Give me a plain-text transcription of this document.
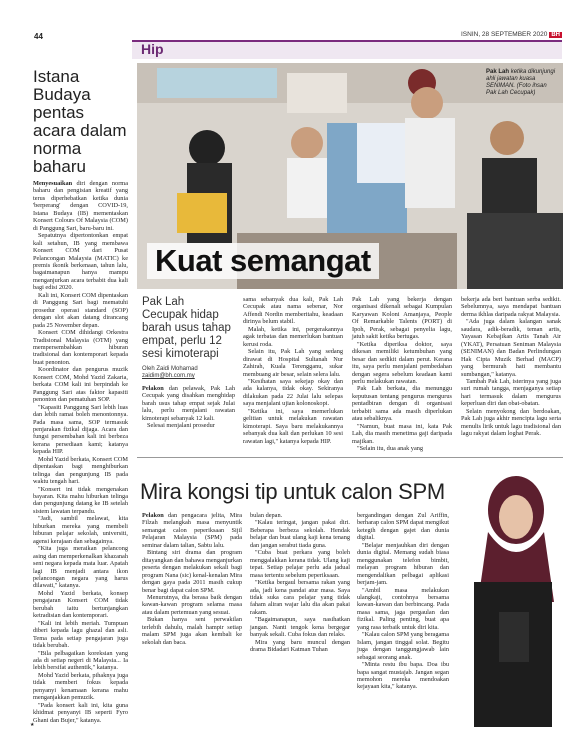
44	ISNIN, 28 SEPTEMBER 2020 BH
Hip
Istana Budaya pentas acara dalam norma baharu

Menyesuaikan diri dengan norma baharu dan pengisian kreatif yang terus diperhebatkan ketika dunia 'berperang' dengan COVID-19, Istana Budaya (IB) mementaskan Konsert Colours Of Malaysia (COM) di Panggung Sari, baru-baru ini.

Sepatutnya dipertontonkan empat kali setahun, IB yang membawa Konsert COM dari Pusat Pelancongan Malaysia (MATIC) ke premis ikonik berkenaan, tahun lalu, bagaimanapun hanya mampu menganjurkan acara terbabit dua kali bagi edisi 2020.

Kali ini, Konsert COM dipentaskan di Panggung Sari bagi mematuhi prosedur operasi standard (SOP) dengan slot akan datang dirancang pada 25 November depan.

Konsert COM dihidangi Orkestra Tradisional Malaysia (OTM) yang mempersembahkan hiburan tradisional dan kontemporari kepada buat penonton.

Koordinator dan pengurus muzik Konsert COM, Mohd Yazid Zakaria, berkata COM kali ini berpindah ke Panggung Sari atas faktor kapasiti penonton dan pematuhan SOP.

"Kapasiti Panggung Sari lebih luas dan lebih ramai boleh menontonnya. Pada masa sama, SOP termasuk penjarakan fizikal dijaga. Acara dan fungsi persembahan kali ini berbeza kerana persediaan kami; katanya kepada HIP.

Mohd Yazid berkata, Konsert COM dipentaskan bagi menghiburkan telinga dan pengunjung IB pada waktu tengah hari.

"Konsert ini tidak mengenakan bayaran. Kita mahu hiburkan telinga dan pengunjung datang ke IB setelah sistem lawatan terpandu.

"Jadi, sambil melawat, kita hiburkan mereka yang membeli hiburan pelajar sekolah, universiti, agensi kerajaan dan sebagainya.

"Kita juga meraikan pelancong asing dan memperkenalkan khazanah seni negara kepada mata luar. Apatah lagi IB menjadi antara ikon pelancongan negara yang harus dilawati," katanya.

Mohd Yazid berkata, konsep pengajaran Konsert COM tidak berubah iaitu bertunjangkan ketradisian dan kontemporari.

"Kali ini lebih meriah. Tumpuan diberi kepada lagu ghazal dan asli. Tema pada setiap pengajaran juga tidak berubah.

"Bila pelbagaikan koreksian yang ada di setiap negeri di Malaysia... Ia lebih bersifat authentik," katanya.

Mohd Yazid berkata, pihaknya juga tidak memberi fokus kepada penyanyi kenamaan kerana mahu menganjakkan pemuzik.

"Pada konsert kali ini, kita guna khidmat penyanyi IB seperti Fyro Ghani dan Bujer," katanya.

Pak Lah ketika dikunjungi ahli jawatan kuasa SENIMAN. (Foto ihsan Pak Lah Cecupak)
Kuat semangat
Pak Lah Cecupak hidap barah usus tahap empat, perlu 12 sesi kimoterapi
Oleh Zaidi Mohamad
zaidim@bh.com.my

Pelakon dan pelawak, Pak Lah Cecupak yang disahkan menghidap barah usus tahap empat sejak Julai lalu, perlu menjalani rawatan kimoterapi sebanyak 12 kali.

Selesai menjalani prosedur

sama sebanyak dua kali, Pak Lah Cecupak atau nama sebenar, Nor Affendi Nordin memberitahu, keadaan dirinya belum stabil.

Malah, ketika ini, pergerakannya agak terbatas dan memerlukan bantuan kerusi roda.

Selain itu, Pak Lah yang sedang dirawat di Hospital Sultanah Nur Zahirah, Kuala Terengganu, sukar membuang air besar, selain selera lalu.

"Kesihatan saya sekejap okay dan ada kalanya, tidak okay. Sekiranya dilakukan pada 22 Julai lalu selepas saya menjalani ujian kolonoskopi.

"Ketika ini, saya memerlukan gelitian untuk melakukan rawatan kimoterapi. Saya baru melakukannya sebanyak dua kali dan perlukan 10 sesi rawatan lagi," katanya kepada HIP.

Pak Lah yang bekerja dengan organisasi dikenali sebagai Kumpulan Karyawan Koloni Amanjaya, People Of Remarkable Talents (PORT) di Ipoh, Perak, sebagai penyelia lagu, jatuh sakit ketika bertugas.

"Ketika diperiksa doktor, saya dikesan memiliki ketumbuhan yang besar dan sedikit dalam perut. Kerana itu, saya perlu menjalani pembedahan dengan segera sebelum keadaan kami perlu melakukan rawatan.

Pak Lah berkata, dia menunggu keputusan tentang pengurus mengurus pentadbiran dengan di organisasi terbabit sama ada masih diperlukan atau sebaliknya.

"Namun, buat masa ini, kata Pak Lah, dia masih menetima gaji daripada majikan.

"Selain itu, dua anak yang

bekerja ada beri bantuan serba sedikit. Sebelumnya, saya mendapat bantuan derma ikhlas daripada rakyat Malaysia.

"Ada juga dalam kalangan sanak saudara, adik-beradik, teman artis, Yayasan Kebajikan Artis Tanah Air (YKAT), Persatuan Seniman Malaysia (SENIMAN) dan Badan Perlindungan Hak Cipta Muzik Berhad (MACP) yang bermurah hati membantu sumbangan," katanya.

Tambah Pak Lah, isterinya yang juga suri rumah tangga, menjaganya setiap hari termasuk dalam mengurus keperluan diri dan obat-obatan.

Selain menyokong dan berdoakan, Pak Lah juga akhir mencipta lagu serta menulis lirik untuk lagu tradisional dan lagu rakyat dalam loghat Perak.

Mira kongsi tip untuk calon SPM

Pelakon dan pengacara jelita, Mira Filzah melangkah masa menyuntik semangat calon peperiksaan Sijil Pelajaran Malaysia (SPM) pada seminar dalam talian, Sabtu lalu.

Bintang siri drama dan program ditayangkan dan bahawa menganjurkan peserta dengan melakukan sekali bagi program Nana (sic) kenal-kenalan Mira dengan gaya pada 2011 masih cukup benar bagi dapat calon SPM.

Menurutnya, dia berasa baik dengan kawan-kawan program selama masa atau dalam pertemuan yang sesuai.

Bukan hanya seni perwakilan terlebih dahulu, malah hampir setiap malam SPM juga akan kembali ke sekolah dan baca.

bulan depan.

"Kalau teringat, jangan pakai diri. Beberapa berbeza sekolah. Hendak belajar dan buat ulang kaji kena tenang dan jangan serabut tiada guna.

"Cuba buat perkara yang boleh menggalakkan kerana tidak. Ulang kaji tepat. Setiap pelajar perlu ada jadual masa tertentu sebelum peperiksaan.

"Ketika bergaul bersama rakan yang ada, jadi kena pandai atur masa. Saya tidak suka cara pelajar yang tidak faham aliran wajar lalu dia akan pakai rakam.

"Bagaimanapun, saya nasihatkan jangan. Nanti tengok kena bergegar banyak sekali. Cuba fokus dan relaks.

Mira yang baru muncul dengan drama Bidadari Katman Tuhan

bergandingan dengan Zul Ariffin, berharap calon SPM dapat mengikut ketegih dengan gajet dan dunia digital.

"Belajar menjauhkan diri dengan dunia digital. Memang sudah biasa menggunakan telefon bimbit, melayan program hiburan dan mengendalikan pelbagai aplikasi berjam-jam.

"Ambil masa melakukan ulangkaji, contohnya bersama kawan-kawan dan berbincang. Pada masa sama, jaga pergaulan dan fizikal. Paling penting, buat apa yang rasa terbaik untuk diri kita.

"Kalau calon SPM yang beragama Islam, jangan tinggal solat. Begitu juga dengan tanggungjawab lain sebagai seorang anak.

"Minta restu ibu bapa. Doa ibu bapa sangat mustajab. Jangan segan memohon mereka mendoakan kejayaan kita," katanya.

★
